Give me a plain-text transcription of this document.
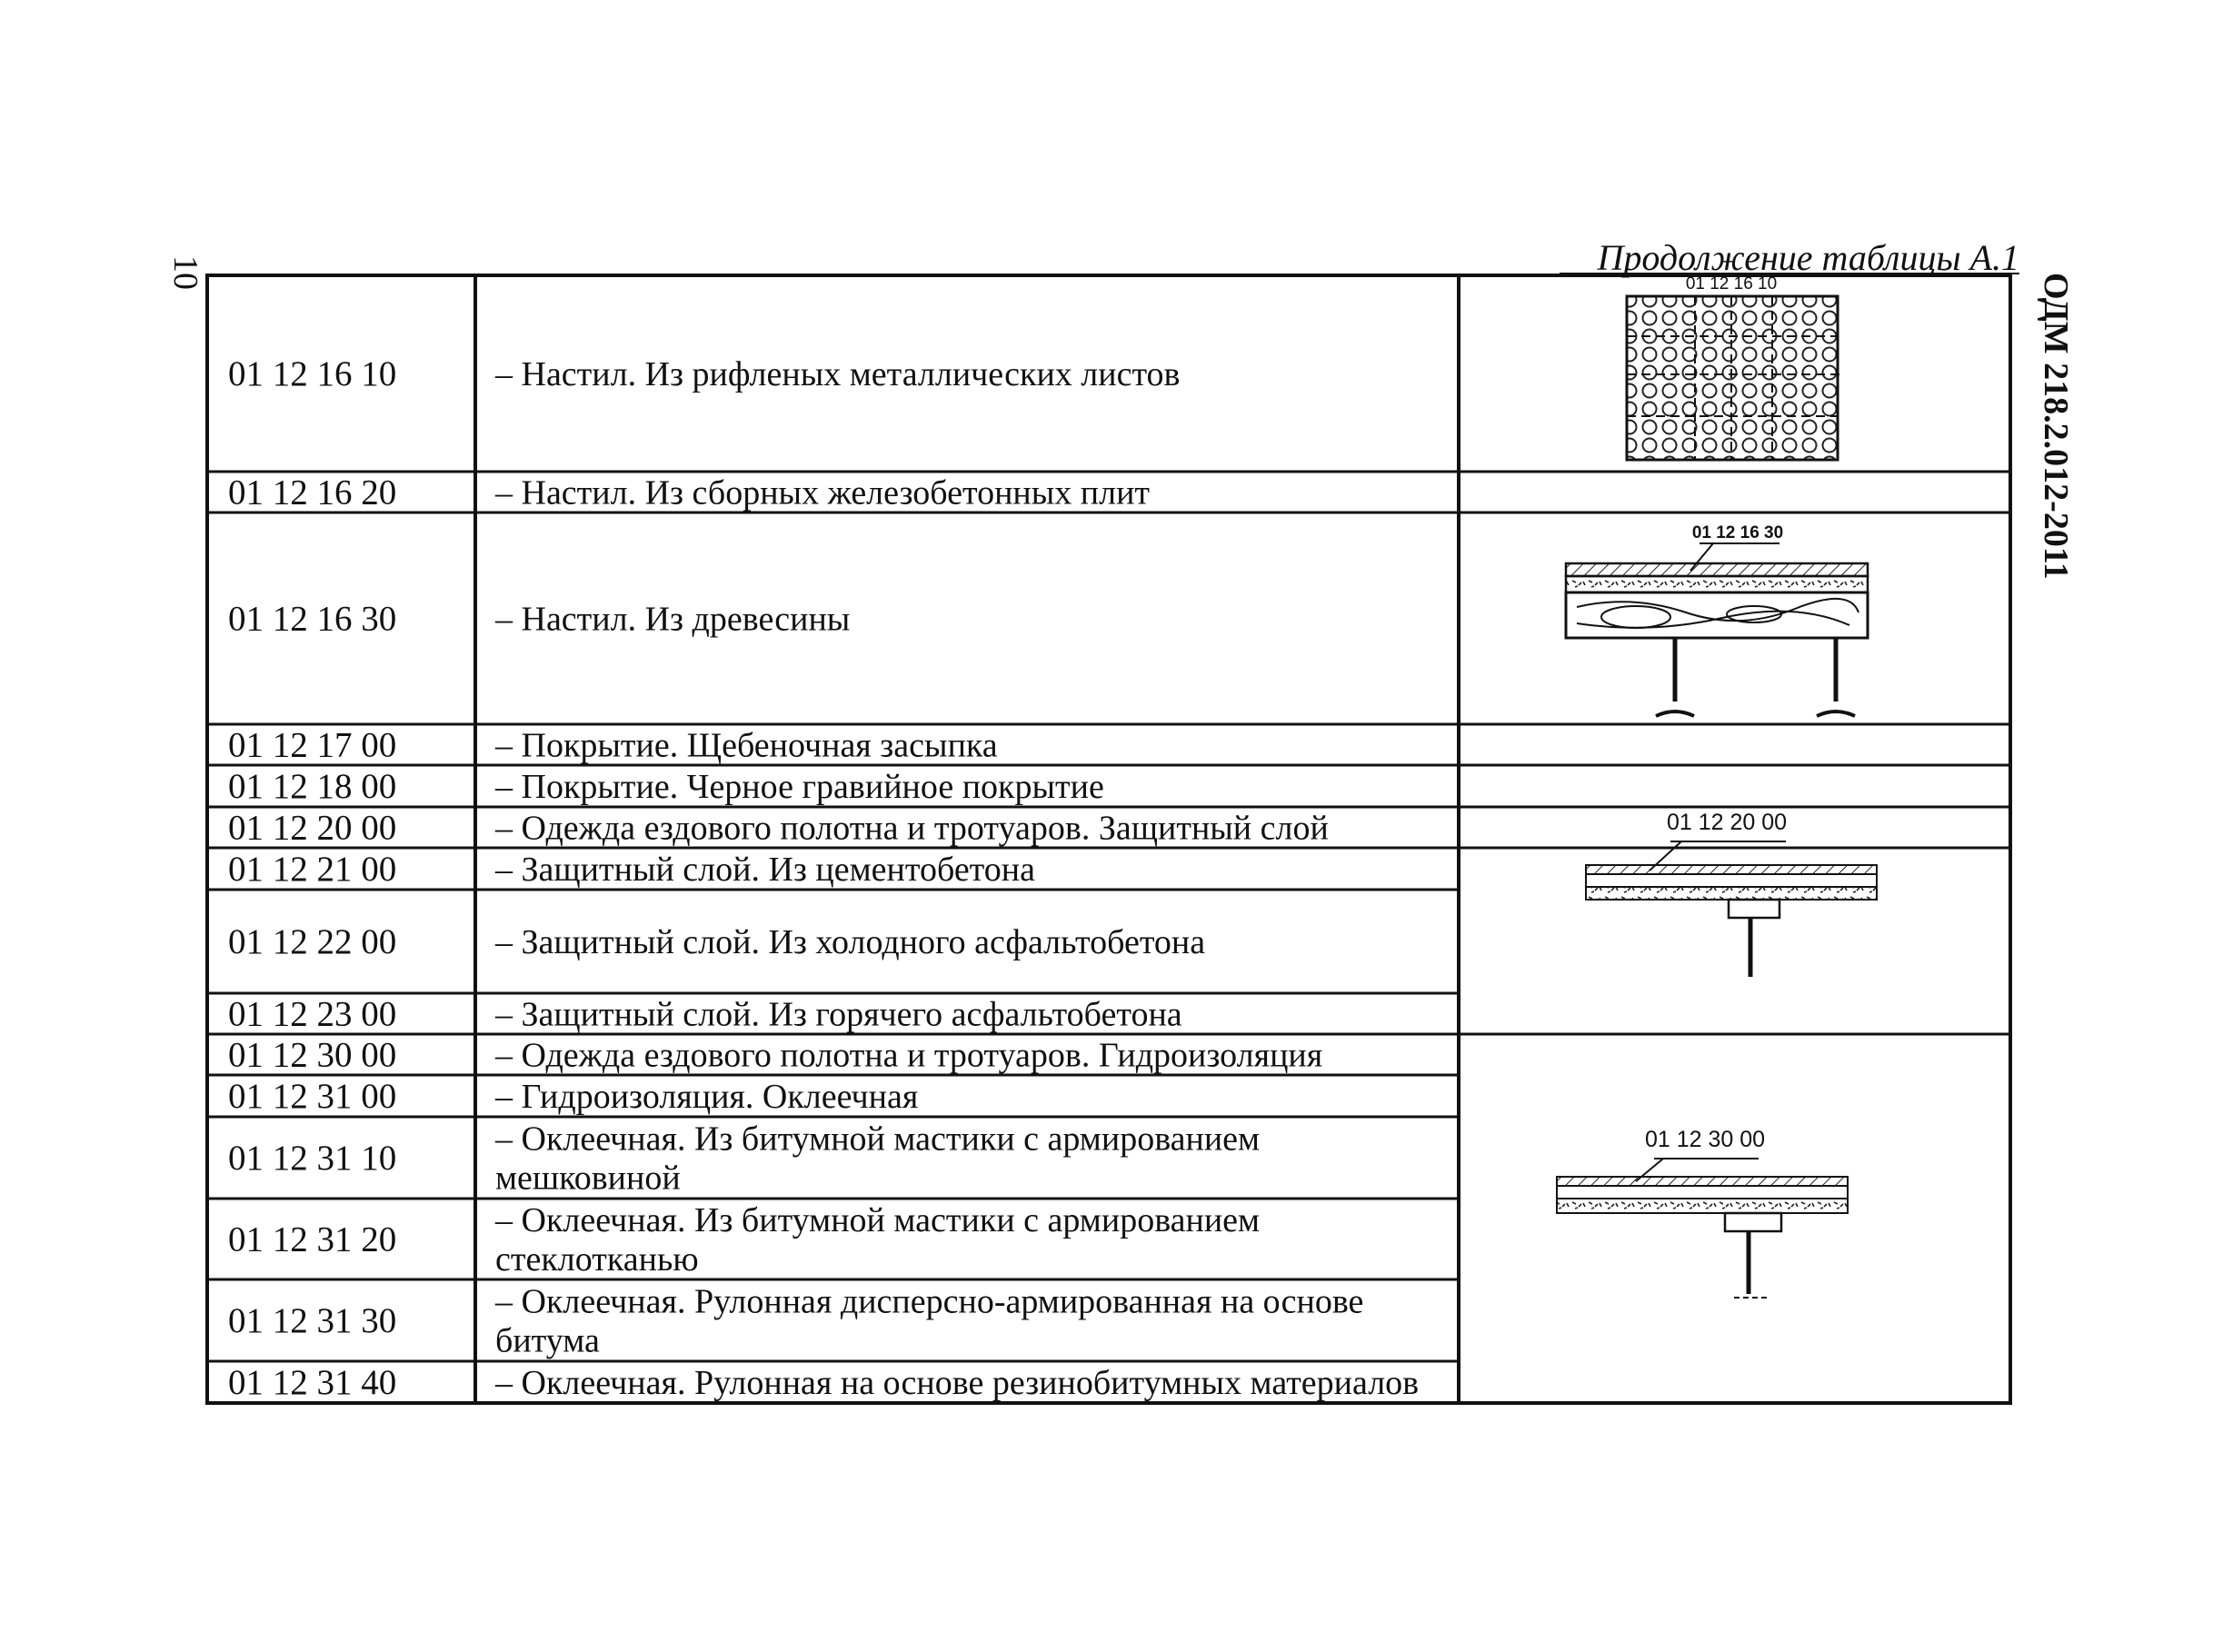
Продолжение таблицы А.1
10	ОДМ 218.2.012-2011
01 12 16 10	– Настил. Из рифленых металлических листов
01 12 16 20	– Настил. Из сборных железобетонных плит
01 12 16 30	– Настил. Из древесины
01 12 17 00	– Покрытие. Щебеночная засыпка
01 12 18 00	– Покрытие. Черное гравийное покрытие
01 12 20 00	– Одежда ездового полотна и тротуаров. Защитный слой
01 12 21 00	– Защитный слой. Из цементобетона
01 12 22 00	– Защитный слой. Из холодного асфальтобетона
01 12 23 00	– Защитный слой. Из горячего асфальтобетона
01 12 30 00	– Одежда ездового полотна и тротуаров. Гидроизоляция
01 12 31 00	– Гидроизоляция. Оклеечная
01 12 31 10	– Оклеечная. Из битумной мастики с армированием
мешковиной
01 12 31 20	– Оклеечная. Из битумной мастики с армированием
стеклотканью
01 12 31 30	– Оклеечная. Рулонная дисперсно-армированная на основе
битума
01 12 31 40	– Оклеечная. Рулонная на основе резинобитумных материалов
01 12 16 10
01 12 16 30
01 12 20 00
01 12 30 00
